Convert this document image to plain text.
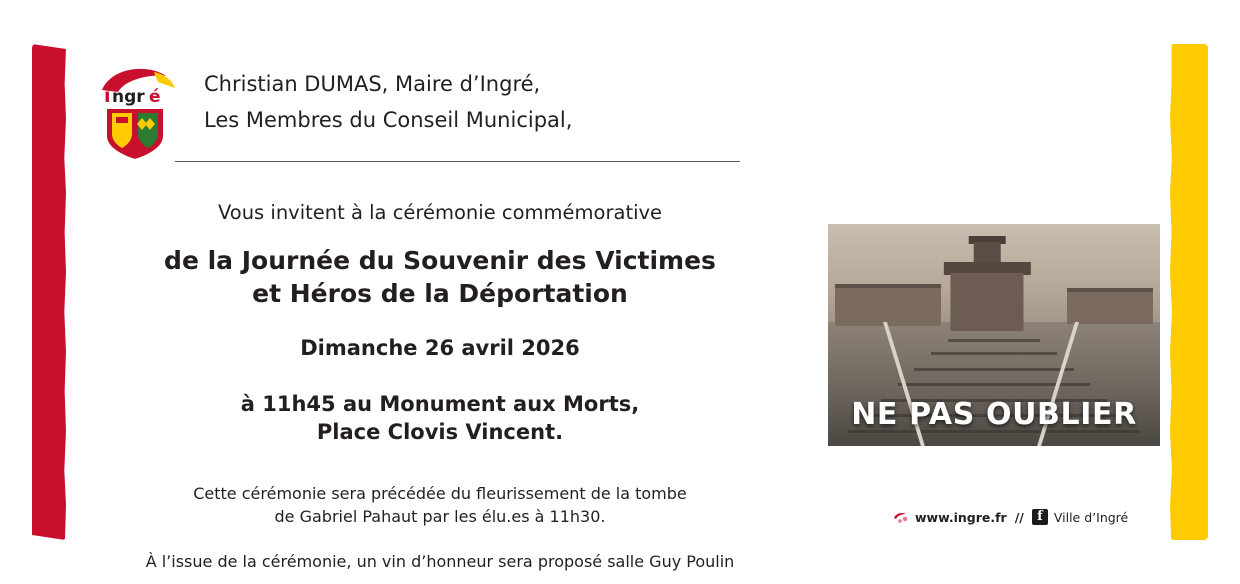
i ngr é
Christian DUMAS, Maire d’Ingré,
Les Membres du Conseil Municipal,
Vous invitent à la cérémonie commémorative
de la Journée du Souvenir des Victimes
et Héros de la Déportation
Dimanche 26 avril 2026
à 11h45 au Monument aux Morts,
Place Clovis Vincent.
Cette cérémonie sera précédée du fleurissement de la tombe
de Gabriel Pahaut par les élu.es à 11h30.
À l’issue de la cérémonie, un vin d’honneur sera proposé salle Guy Poulin
NE PAS OUBLIER
www.ingre.fr //	f Ville d’Ingré
